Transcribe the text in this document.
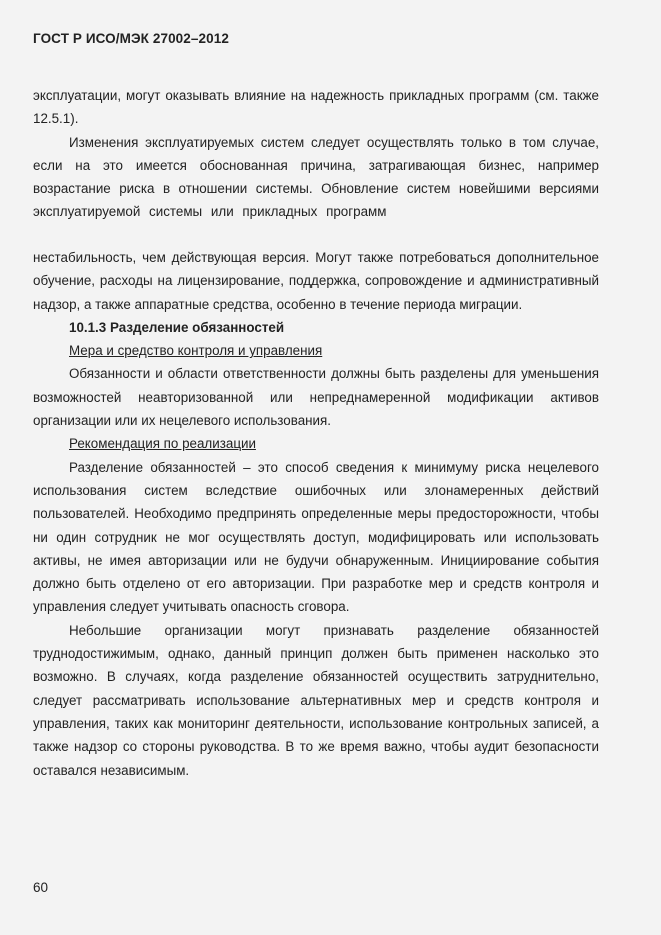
ГОСТ Р ИСО/МЭК 27002–2012
эксплуатации, могут оказывать влияние на надежность прикладных программ (см. также
12.5.1).
Изменения эксплуатируемых систем следует осуществлять только в том случае,
если на это имеется обоснованная причина, затрагивающая бизнес, например
возрастание риска в отношении системы. Обновление систем новейшими версиями
эксплуатируемой системы или прикладных программ
нестабильность, чем действующая версия. Могут также потребоваться дополнительное
обучение, расходы на лицензирование, поддержка, сопровождение и административный
надзор, а также аппаратные средства, особенно в течение периода миграции.
10.1.3 Разделение обязанностей
Мера и средство контроля и управления
Обязанности и области ответственности должны быть разделены для уменьшения
возможностей неавторизованной или непреднамеренной модификации активов
организации или их нецелевого использования.
Рекомендация по реализации
Разделение обязанностей – это способ сведения к минимуму риска нецелевого
использования систем вследствие ошибочных или злонамеренных действий
пользователей. Необходимо предпринять определенные меры предосторожности, чтобы
ни один сотрудник не мог осуществлять доступ, модифицировать или использовать
активы, не имея авторизации или не будучи обнаруженным. Инициирование события
должно быть отделено от его авторизации. При разработке мер и средств контроля и
управления следует учитывать опасность сговора.
Небольшие организации могут признавать разделение обязанностей
труднодостижимым, однако, данный принцип должен быть применен насколько это
возможно. В случаях, когда разделение обязанностей осуществить затруднительно,
следует рассматривать использование альтернативных мер и средств контроля и
управления, таких как мониторинг деятельности, использование контрольных записей, а
также надзор со стороны руководства. В то же время важно, чтобы аудит безопасности
оставался независимым.
60
